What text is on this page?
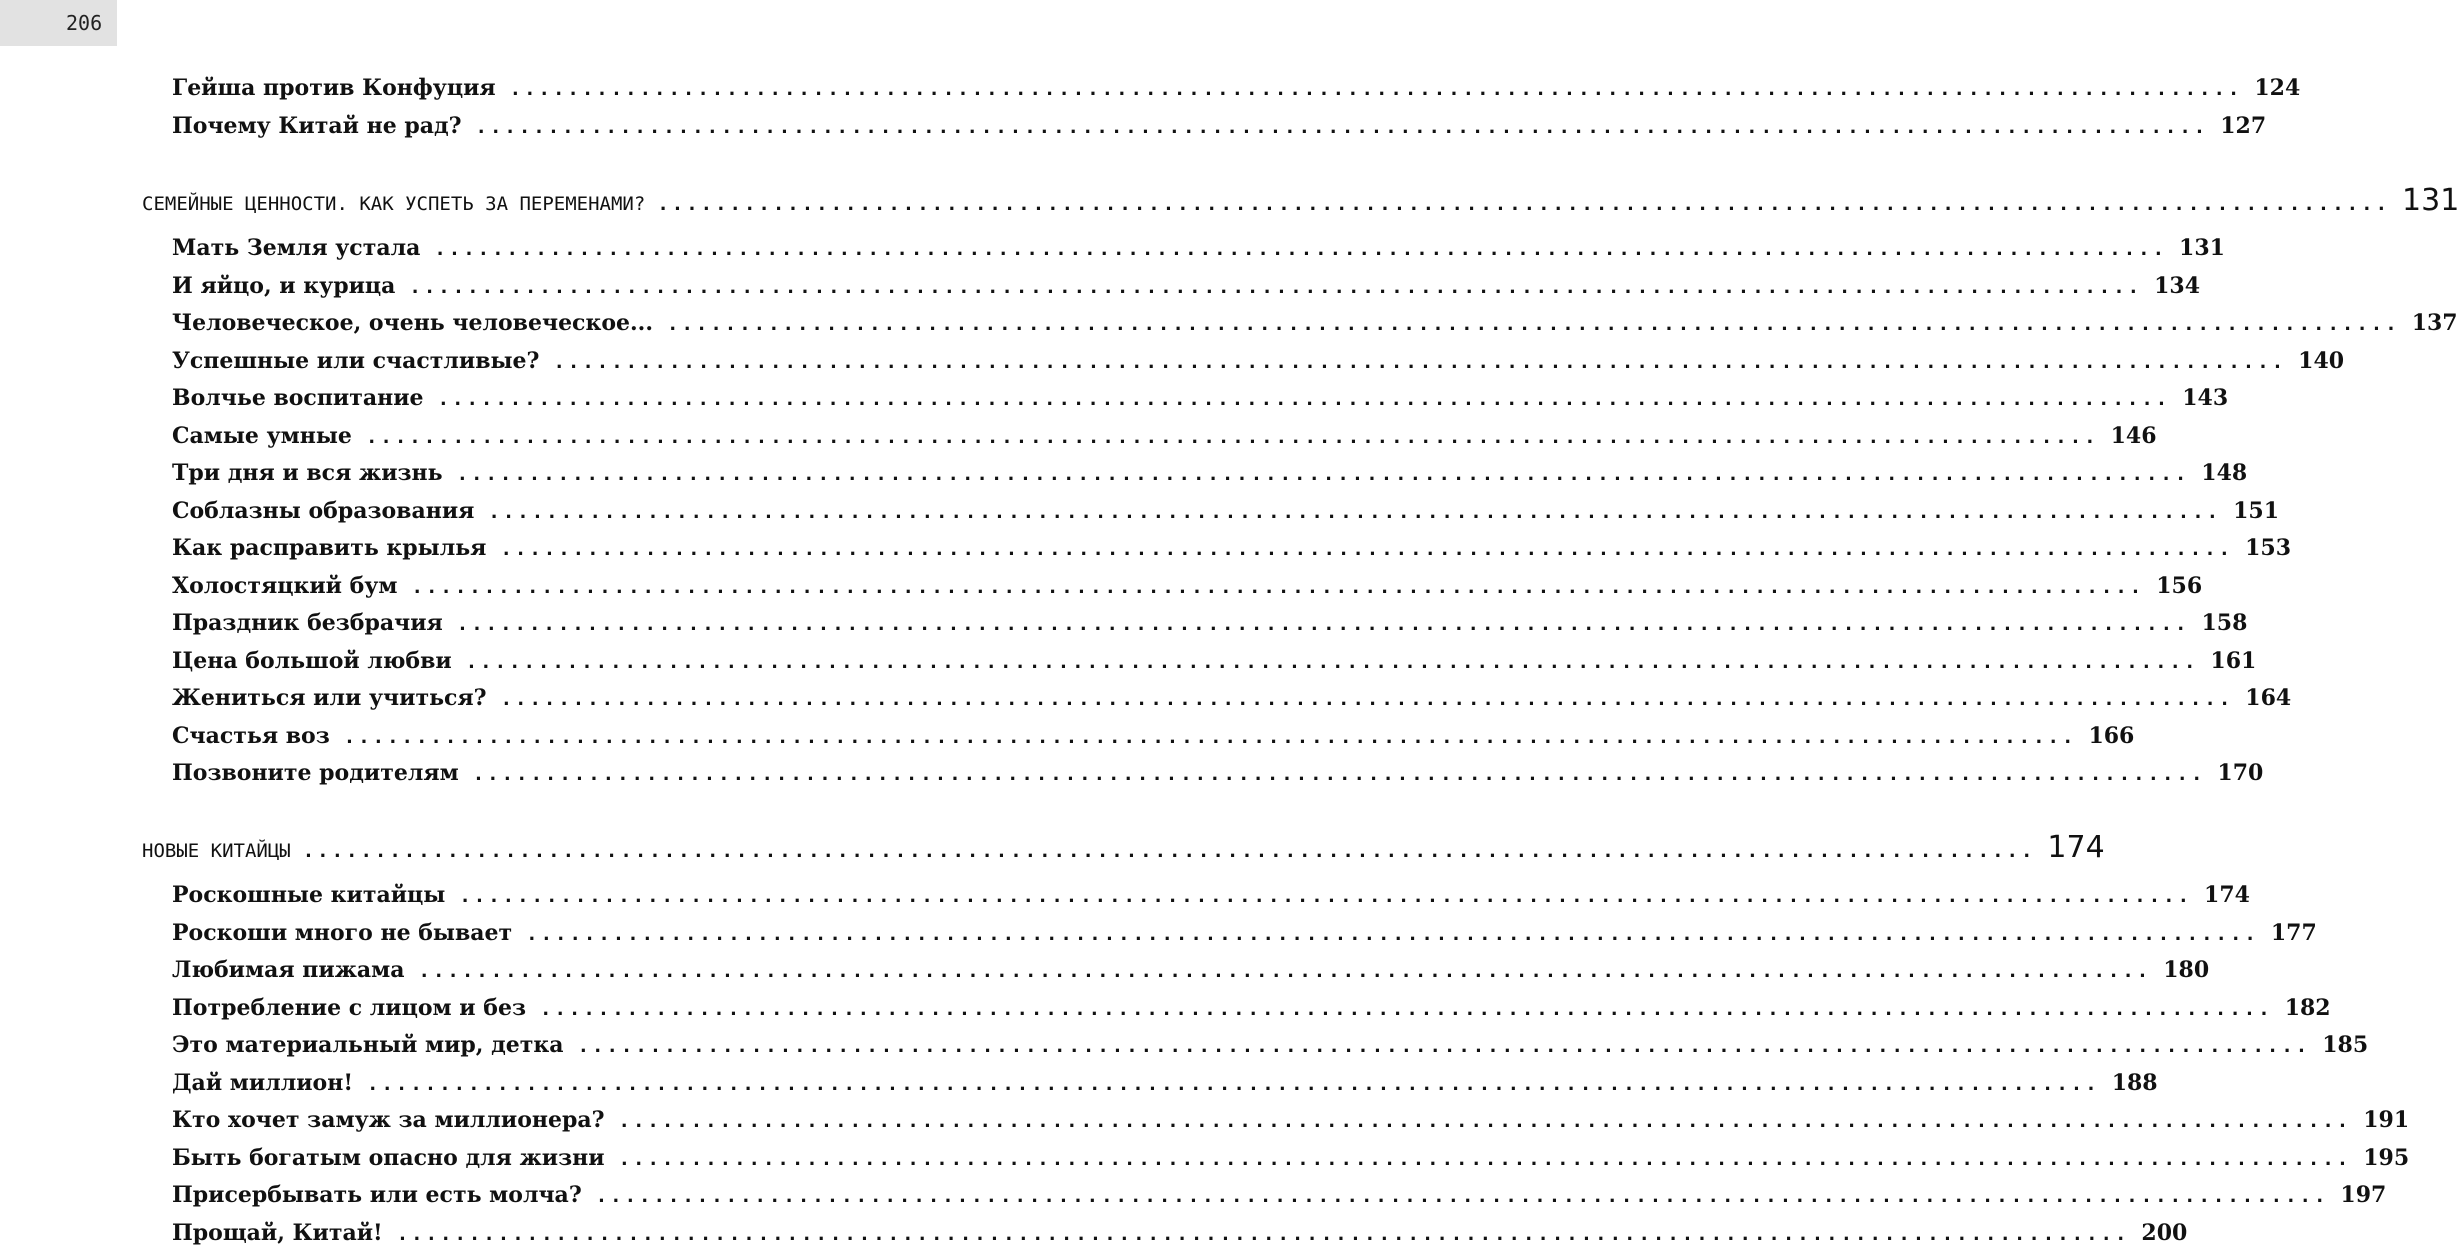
206
Гейша против Конфуция ........................................................................................................................ 124
Почему Китай не рад? ........................................................................................................................ 127
СЕМЕЙНЫЕ ЦЕННОСТИ. КАК УСПЕТЬ ЗА ПЕРЕМЕНАМИ? ........................................................................................................................ 131
Мать Земля устала ........................................................................................................................ 131
И яйцо, и курица ........................................................................................................................ 134
Человеческое, очень человеческое... ........................................................................................................................ 137
Успешные или счастливые? ........................................................................................................................ 140
Волчье воспитание ........................................................................................................................ 143
Самые умные ........................................................................................................................ 146
Три дня и вся жизнь ........................................................................................................................ 148
Соблазны образования ........................................................................................................................ 151
Как расправить крылья ........................................................................................................................ 153
Холостяцкий бум ........................................................................................................................ 156
Праздник безбрачия ........................................................................................................................ 158
Цена большой любви ........................................................................................................................ 161
Жениться или учиться? ........................................................................................................................ 164
Счастья воз ........................................................................................................................ 166
Позвоните родителям ........................................................................................................................ 170
НОВЫЕ КИТАЙЦЫ ........................................................................................................................ 174
Роскошные китайцы ........................................................................................................................ 174
Роскоши много не бывает ........................................................................................................................ 177
Любимая пижама ........................................................................................................................ 180
Потребление с лицом и без ........................................................................................................................ 182
Это материальный мир, детка ........................................................................................................................ 185
Дай миллион! ........................................................................................................................ 188
Кто хочет замуж за миллионера? ........................................................................................................................ 191
Быть богатым опасно для жизни ........................................................................................................................ 195
Присербывать или есть молча? ........................................................................................................................ 197
Прощай, Китай! ........................................................................................................................ 200
